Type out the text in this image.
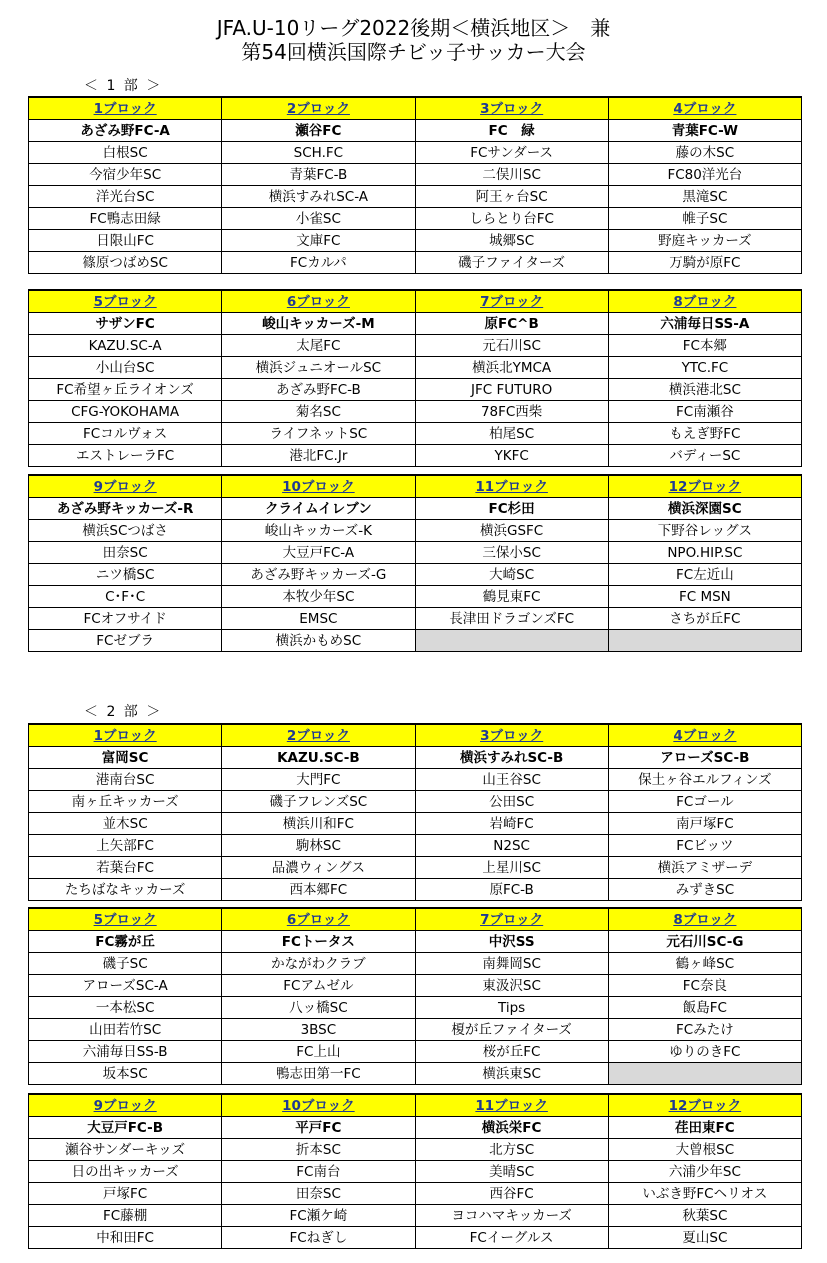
JFA.U-10リーグ2022後期＜横浜地区＞　兼
第54回横浜国際チビッ子サッカー大会
＜ 1 部 ＞
1ブロック	2ブロック	3ブロック	4ブロック
あざみ野FC-A	瀬谷FC	FC　緑	青葉FC-W
白根SC	SCH.FC	FCサンダース	藤の木SC
今宿少年SC	青葉FC-B	二俣川SC	FC80洋光台
洋光台SC	横浜すみれSC-A	阿王ヶ台SC	黒滝SC
FC鴨志田緑	小雀SC	しらとり台FC	帷子SC
日限山FC	文庫FC	城郷SC	野庭キッカーズ
篠原つばめSC	FCカルパ	磯子ファイターズ	万騎が原FC
5ブロック	6ブロック	7ブロック	8ブロック
サザンFC	峻山キッカーズ-M	原FC^B	六浦毎日SS-A
KAZU.SC-A	太尾FC	元石川SC	FC本郷
小山台SC	横浜ジュニオールSC	横浜北YMCA	YTC.FC
FC希望ヶ丘ライオンズ	あざみ野FC-B	JFC FUTURO	横浜港北SC
CFG-YOKOHAMA	菊名SC	78FC西柴	FC南瀬谷
FCコルヴォス	ライフネットSC	柏尾SC	もえぎ野FC
エストレーラFC	港北FC.Jr	YKFC	バディーSC
9ブロック	10ブロック	11ブロック	12ブロック
あざみ野キッカーズ-R	クライムイレブン	FC杉田	横浜深園SC
横浜SCつばさ	峻山キッカーズ-K	横浜GSFC	下野谷レッグス
田奈SC	大豆戸FC-A	三保小SC	NPO.HIP.SC
ニツ橋SC	あざみ野キッカーズ-G	大崎SC	FC左近山
C･F･C	本牧少年SC	鶴見東FC	FC MSN
FCオフサイド	EMSC	長津田ドラゴンズFC	さちが丘FC
FCゼブラ	横浜かもめSC		
＜ 2 部 ＞
1ブロック	2ブロック	3ブロック	4ブロック
富岡SC	KAZU.SC-B	横浜すみれSC-B	アローズSC-B
港南台SC	大門FC	山王谷SC	保土ヶ谷エルフィンズ
南ヶ丘キッカーズ	磯子フレンズSC	公田SC	FCゴール
並木SC	横浜川和FC	岩崎FC	南戸塚FC
上矢部FC	駒林SC	N2SC	FCビッツ
若葉台FC	品濃ウィングス	上星川SC	横浜アミザーデ
たちばなキッカーズ	西本郷FC	原FC-B	みずきSC
5ブロック	6ブロック	7ブロック	8ブロック
FC霧が丘	FCトータス	中沢SS	元石川SC-G
磯子SC	かながわクラブ	南舞岡SC	鶴ヶ峰SC
アローズSC-A	FCアムゼル	東汲沢SC	FC奈良
一本松SC	八ッ橋SC	Tips	飯島FC
山田若竹SC	3BSC	榎が丘ファイターズ	FCみたけ
六浦毎日SS-B	FC上山	桜が丘FC	ゆりのきFC
坂本SC	鴨志田第一FC	横浜東SC	
9ブロック	10ブロック	11ブロック	12ブロック
大豆戸FC-B	平戸FC	横浜栄FC	荏田東FC
瀬谷サンダーキッズ	折本SC	北方SC	大曾根SC
日の出キッカーズ	FC南台	美晴SC	六浦少年SC
戸塚FC	田奈SC	西谷FC	いぶき野FCヘリオス
FC藤棚	FC瀬ケ崎	ヨコハマキッカーズ	秋葉SC
中和田FC	FCねぎし	FCイーグルス	夏山SC
